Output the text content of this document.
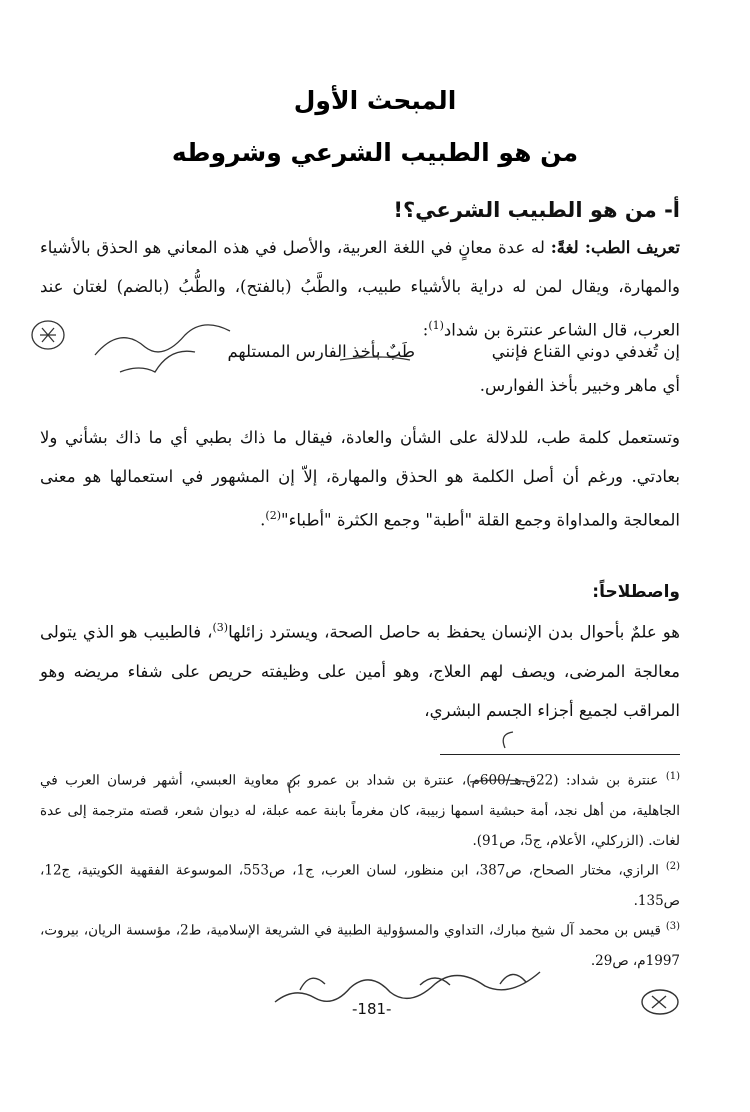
المبحث الأول
من هو الطبيب الشرعي وشروطه
أ- من هو الطبيب الشرعي؟!
تعريف الطب: لغةً: له عدة معانٍ في اللغة العربية، والأصل في هذه المعاني هو الحذق بالأشياء والمهارة، ويقال لمن له دراية بالأشياء طبيب، والطَّبُ (بالفتح)، والطُّبُ (بالضم) لغتان عند العرب، قال الشاعر عنترة بن شداد$^{(1)}$:
إن تُغدفي دوني القناع فإنني
طَبٌ بأخذ الفارس المستلهم
أي ماهر وخبير بأخذ الفوارس.
وتستعمل كلمة طب، للدلالة على الشأن والعادة، فيقال ما ذاك بطبي أي ما ذاك بشأني ولا بعادتي. ورغم أن أصل الكلمة هو الحذق والمهارة، إلاّ إن المشهور في استعمالها هو معنى المعالجة والمداواة وجمع القلة "أطبة" وجمع الكثرة "أطباء"$^{(2)}$.
واصطلاحاً:
هو علمٌ بأحوال بدن الإنسان يحفظ به حاصل الصحة، ويسترد زائلها$^{(3)}$، فالطبيب هو الذي يتولى معالجة المرضى، ويصف لهم العلاج، وهو أمين على وظيفته حريص على شفاء مريضه وهو المراقب لجميع أجزاء الجسم البشري،
$^{(1)}$ عنترة بن شداد: (22ق.هـ/600م)، عنترة بن شداد بن عمرو بن معاوية العبسي، أشهر فرسان العرب في الجاهلية، من أهل نجد، أمة حبشية اسمها زبيبة، كان مغرماً بابنة عمه عبلة، له ديوان شعر، قصته مترجمة إلى عدة لغات. (الزركلي، الأعلام، ج5، ص91).
$^{(2)}$ الرازي، مختار الصحاح، ص387، ابن منظور، لسان العرب، ج1، ص553، الموسوعة الفقهية الكويتية، ج12، ص135.
$^{(3)}$ قيس بن محمد آل شيخ مبارك، التداوي والمسؤولية الطبية في الشريعة الإسلامية، ط2، مؤسسة الريان، بيروت، 1997م، ص29.
-181-
